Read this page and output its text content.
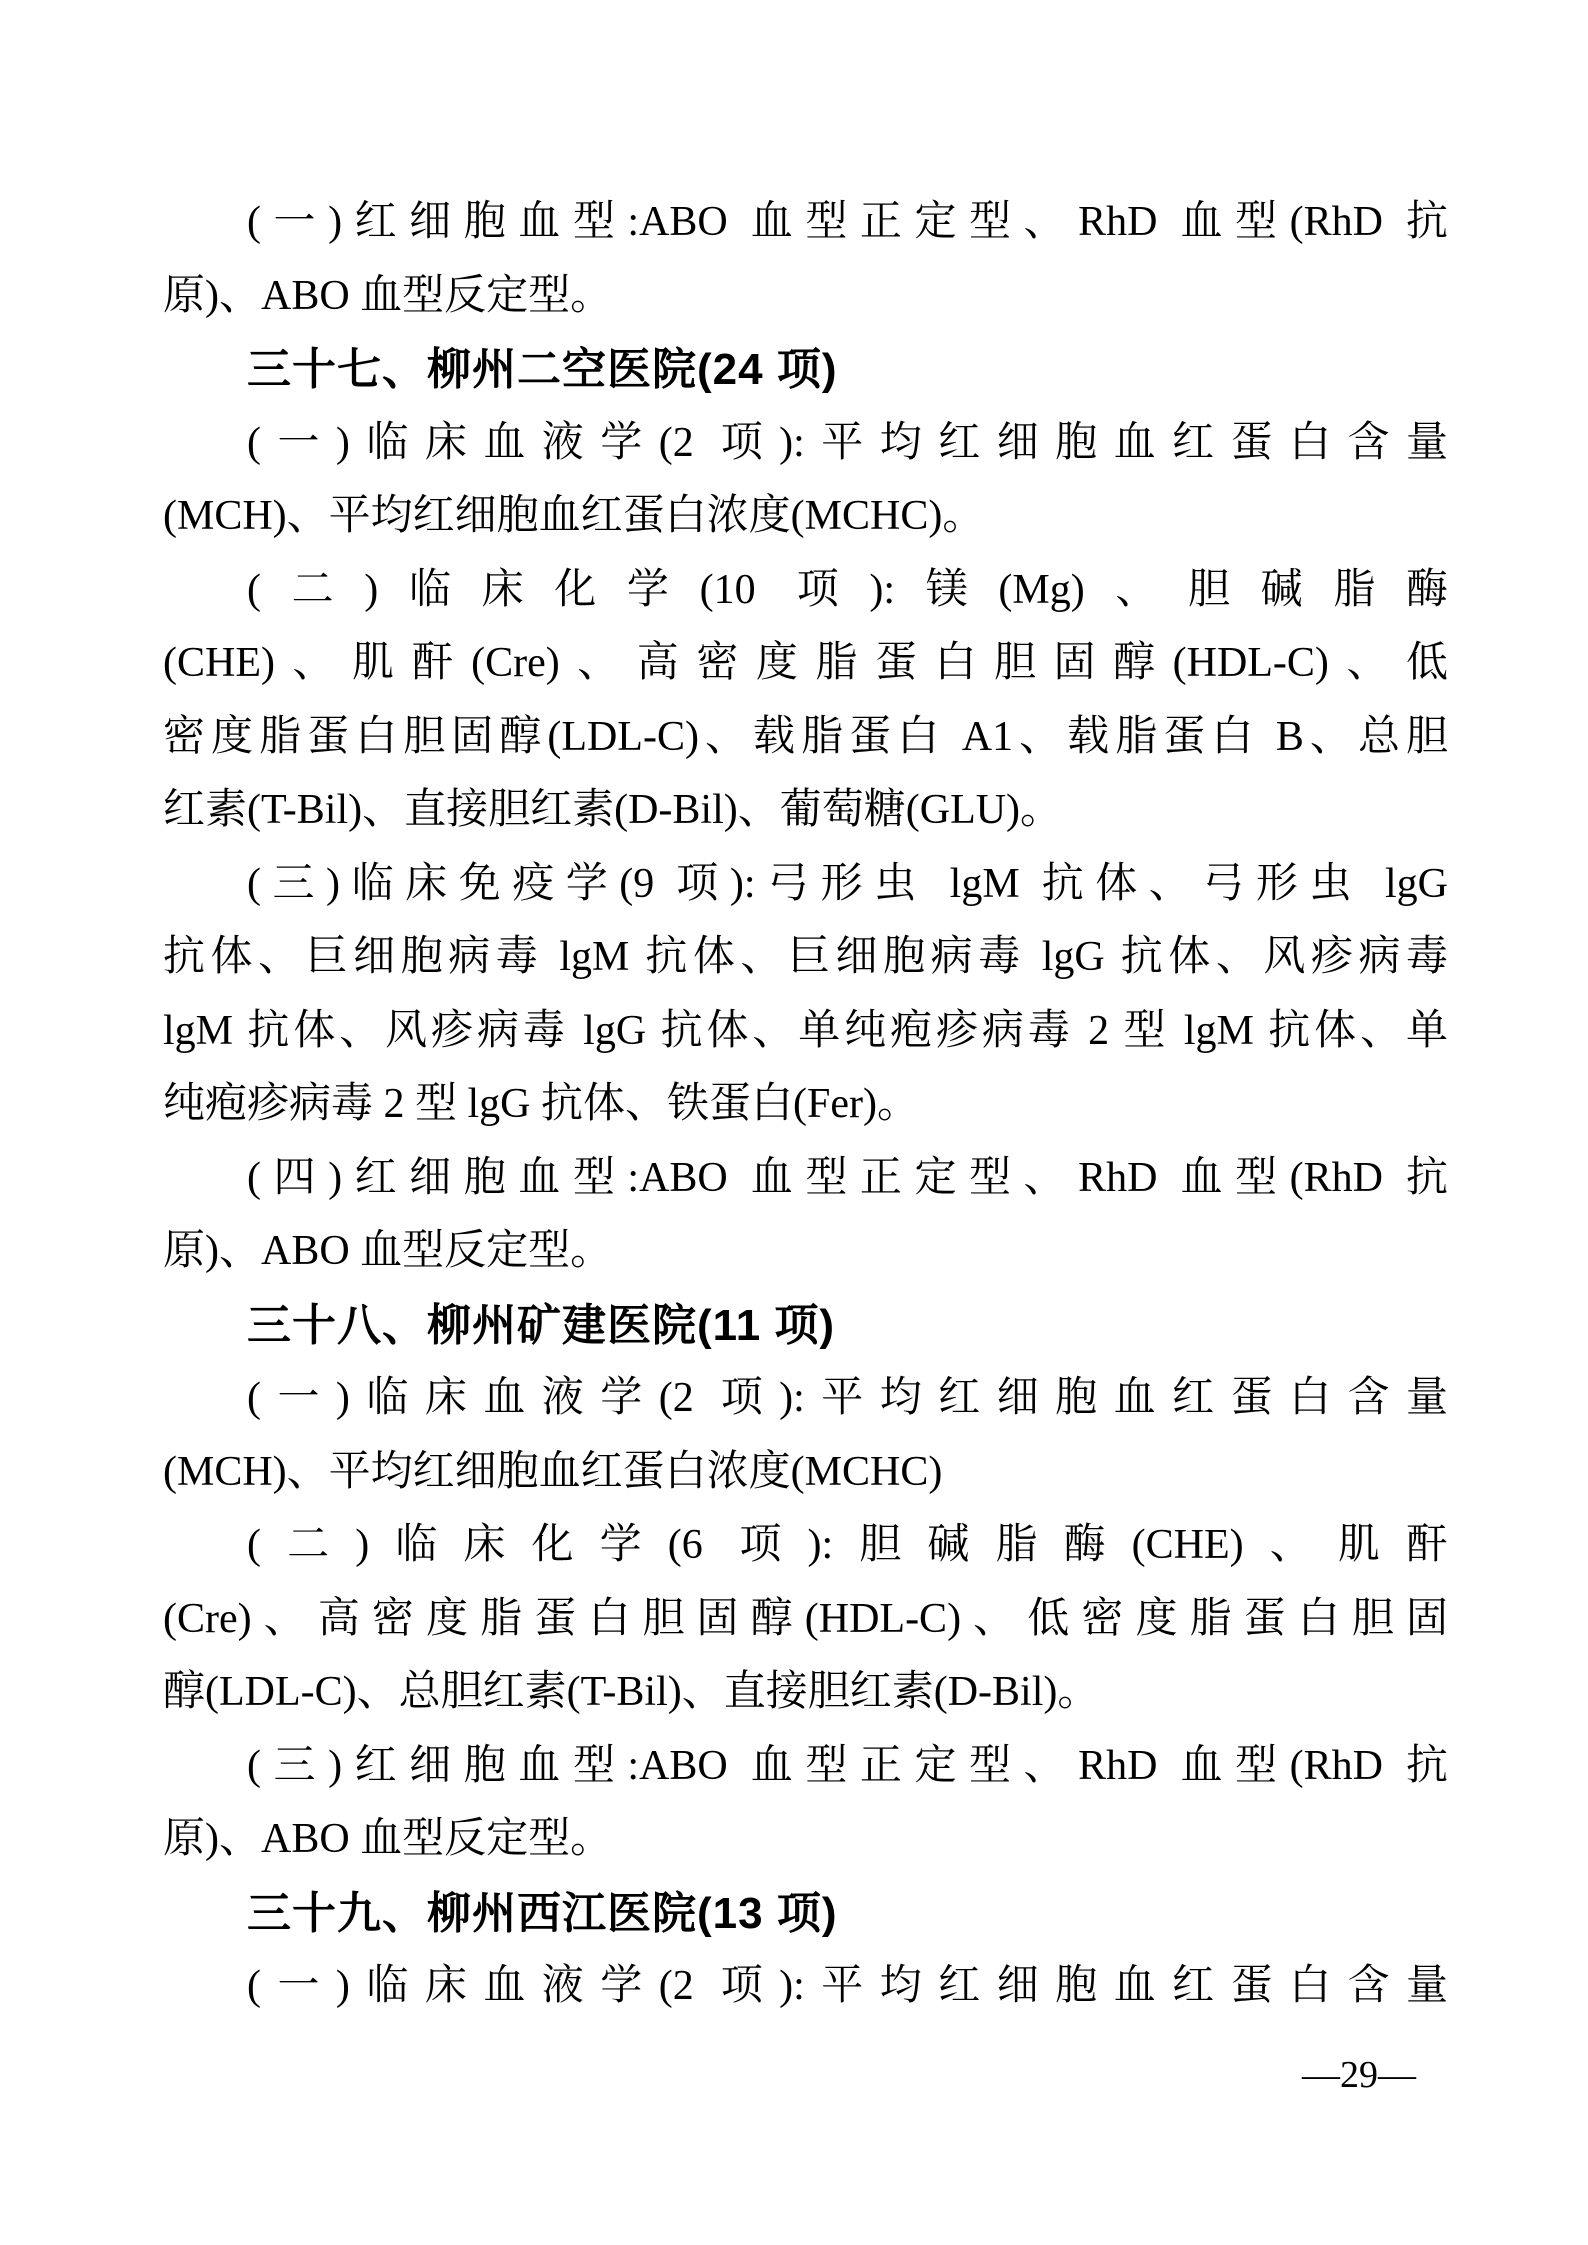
(一)红细胞血型:ABO 血型正定型、RhD 血型(RhD 抗
原)、ABO 血型反定型。
三十七、柳州二空医院(24 项)
(一)临床血液学(2 项):平均红细胞血红蛋白含量
(MCH)、平均红细胞血红蛋白浓度(MCHC)。
(二)临床化学(10 项):镁(Mg)、胆碱脂酶
(CHE)、肌酐(Cre)、高密度脂蛋白胆固醇(HDL-C)、低
密度脂蛋白胆固醇(LDL-C)、载脂蛋白 A1、载脂蛋白 B、总胆
红素(T-Bil)、直接胆红素(D-Bil)、葡萄糖(GLU)。
(三)临床免疫学(9 项):弓形虫 lgM 抗体、弓形虫 lgG
抗体、巨细胞病毒 lgM 抗体、巨细胞病毒 lgG 抗体、风疹病毒
lgM 抗体、风疹病毒 lgG 抗体、单纯疱疹病毒 2 型 lgM 抗体、单
纯疱疹病毒 2 型 lgG 抗体、铁蛋白(Fer)。
(四)红细胞血型:ABO 血型正定型、RhD 血型(RhD 抗
原)、ABO 血型反定型。
三十八、柳州矿建医院(11 项)
(一)临床血液学(2 项):平均红细胞血红蛋白含量
(MCH)、平均红细胞血红蛋白浓度(MCHC)
(二)临床化学(6 项):胆碱脂酶(CHE)、肌酐
(Cre)、高密度脂蛋白胆固醇(HDL-C)、低密度脂蛋白胆固
醇(LDL-C)、总胆红素(T-Bil)、直接胆红素(D-Bil)。
(三)红细胞血型:ABO 血型正定型、RhD 血型(RhD 抗
原)、ABO 血型反定型。
三十九、柳州西江医院(13 项)
(一)临床血液学(2 项):平均红细胞血红蛋白含量
—29—
